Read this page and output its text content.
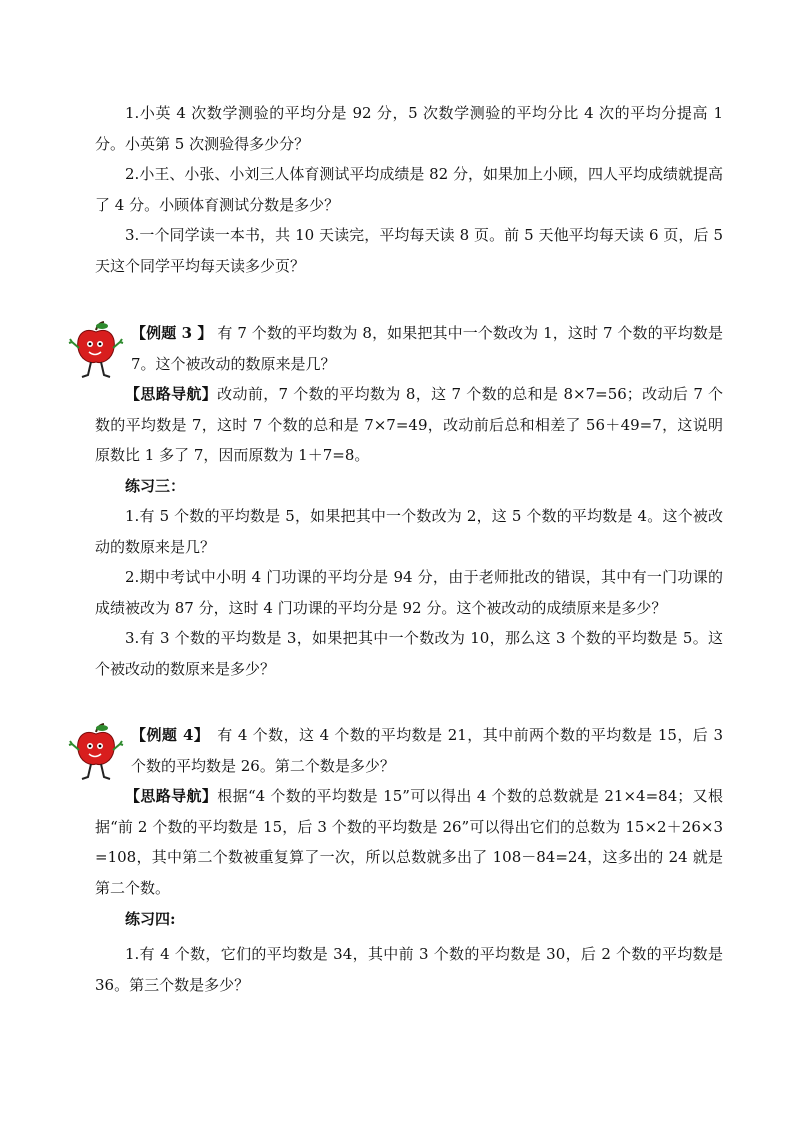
1.小英 4 次数学测验的平均分是 92 分，5 次数学测验的平均分比 4 次的平均分提高 1 分。小英第 5 次测验得多少分？

2.小王、小张、小刘三人体育测试平均成绩是 82 分，如果加上小顾，四人平均成绩就提高了 4 分。小顾体育测试分数是多少？

3.一个同学读一本书，共 10 天读完，平均每天读 8 页。前 5 天他平均每天读 6 页，后 5 天这个同学平均每天读多少页？

【例题 3 】 有 7 个数的平均数为 8，如果把其中一个数改为 1，这时 7 个数的平均数是 7。这个被改动的数原来是几？

【思路导航】改动前，7 个数的平均数为 8，这 7 个数的总和是 8×7=56；改动后 7 个数的平均数是 7，这时 7 个数的总和是 7×7=49，改动前后总和相差了 56＋49=7，这说明原数比 1 多了 7，因而原数为 1＋7=8。

练习三：

1.有 5 个数的平均数是 5，如果把其中一个数改为 2，这 5 个数的平均数是 4。这个被改动的数原来是几？

2.期中考试中小明 4 门功课的平均分是 94 分，由于老师批改的错误，其中有一门功课的成绩被改为 87 分，这时 4 门功课的平均分是 92 分。这个被改动的成绩原来是多少？

3.有 3 个数的平均数是 3，如果把其中一个数改为 10，那么这 3 个数的平均数是 5。这个被改动的数原来是多少？

【例题 4】　有 4 个数，这 4 个数的平均数是 21，其中前两个数的平均数是 15，后 3 个数的平均数是 26。第二个数是多少？

【思路导航】根据“4 个数的平均数是 15”可以得出 4 个数的总数就是 21×4=84；又根据“前 2 个数的平均数是 15，后 3 个数的平均数是 26”可以得出它们的总数为 15×2＋26×3=108，其中第二个数被重复算了一次，所以总数就多出了 108－84=24，这多出的 24 就是第二个数。

练习四:

1.有 4 个数，它们的平均数是 34，其中前 3 个数的平均数是 30，后 2 个数的平均数是 36。第三个数是多少？
